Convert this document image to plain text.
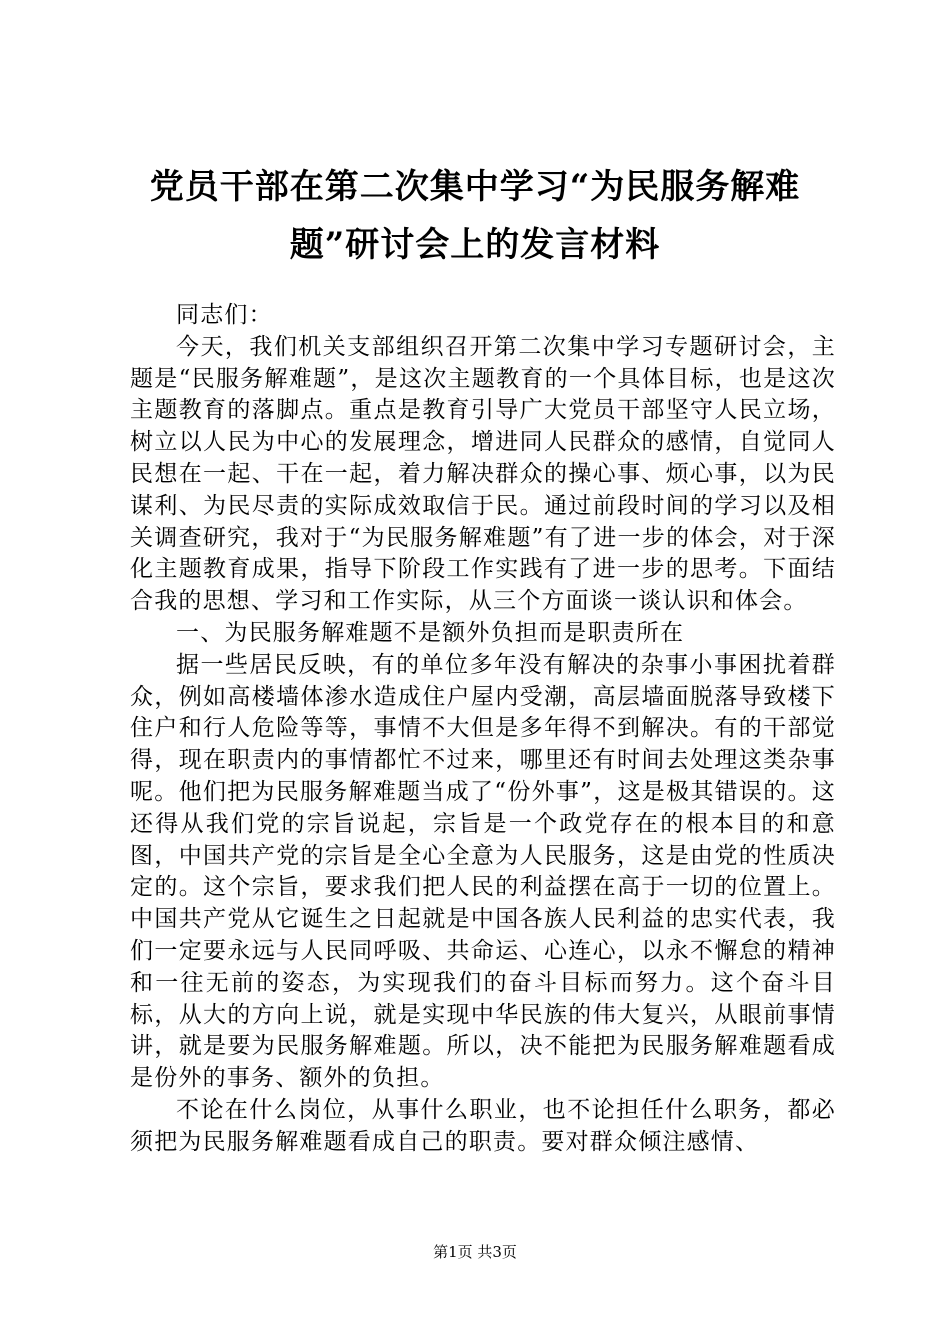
党员干部在第二次集中学习“为民服务解难
题”研讨会上的发言材料

同志们：

今天，我们机关支部组织召开第二次集中学习专题研讨会，主题是“民服务解难题”，是这次主题教育的一个具体目标，也是这次主题教育的落脚点。重点是教育引导广大党员干部坚守人民立场，树立以人民为中心的发展理念，增进同人民群众的感情，自觉同人民想在一起、干在一起，着力解决群众的操心事、烦心事，以为民谋利、为民尽责的实际成效取信于民。通过前段时间的学习以及相关调查研究，我对于“为民服务解难题”有了进一步的体会，对于深化主题教育成果，指导下阶段工作实践有了进一步的思考。下面结合我的思想、学习和工作实际，从三个方面谈一谈认识和体会。

一、为民服务解难题不是额外负担而是职责所在

据一些居民反映，有的单位多年没有解决的杂事小事困扰着群众，例如高楼墙体渗水造成住户屋内受潮，高层墙面脱落导致楼下住户和行人危险等等，事情不大但是多年得不到解决。有的干部觉得，现在职责内的事情都忙不过来，哪里还有时间去处理这类杂事呢。他们把为民服务解难题当成了“份外事”，这是极其错误的。这还得从我们党的宗旨说起，宗旨是一个政党存在的根本目的和意图，中国共产党的宗旨是全心全意为人民服务，这是由党的性质决定的。这个宗旨，要求我们把人民的利益摆在高于一切的位置上。中国共产党从它诞生之日起就是中国各族人民利益的忠实代表，我们一定要永远与人民同呼吸、共命运、心连心，以永不懈怠的精神和一往无前的姿态，为实现我们的奋斗目标而努力。这个奋斗目标，从大的方向上说，就是实现中华民族的伟大复兴，从眼前事情讲，就是要为民服务解难题。所以，决不能把为民服务解难题看成是份外的事务、额外的负担。

不论在什么岗位，从事什么职业，也不论担任什么职务，都必须把为民服务解难题看成自己的职责。要对群众倾注感情、

第1页 共3页
